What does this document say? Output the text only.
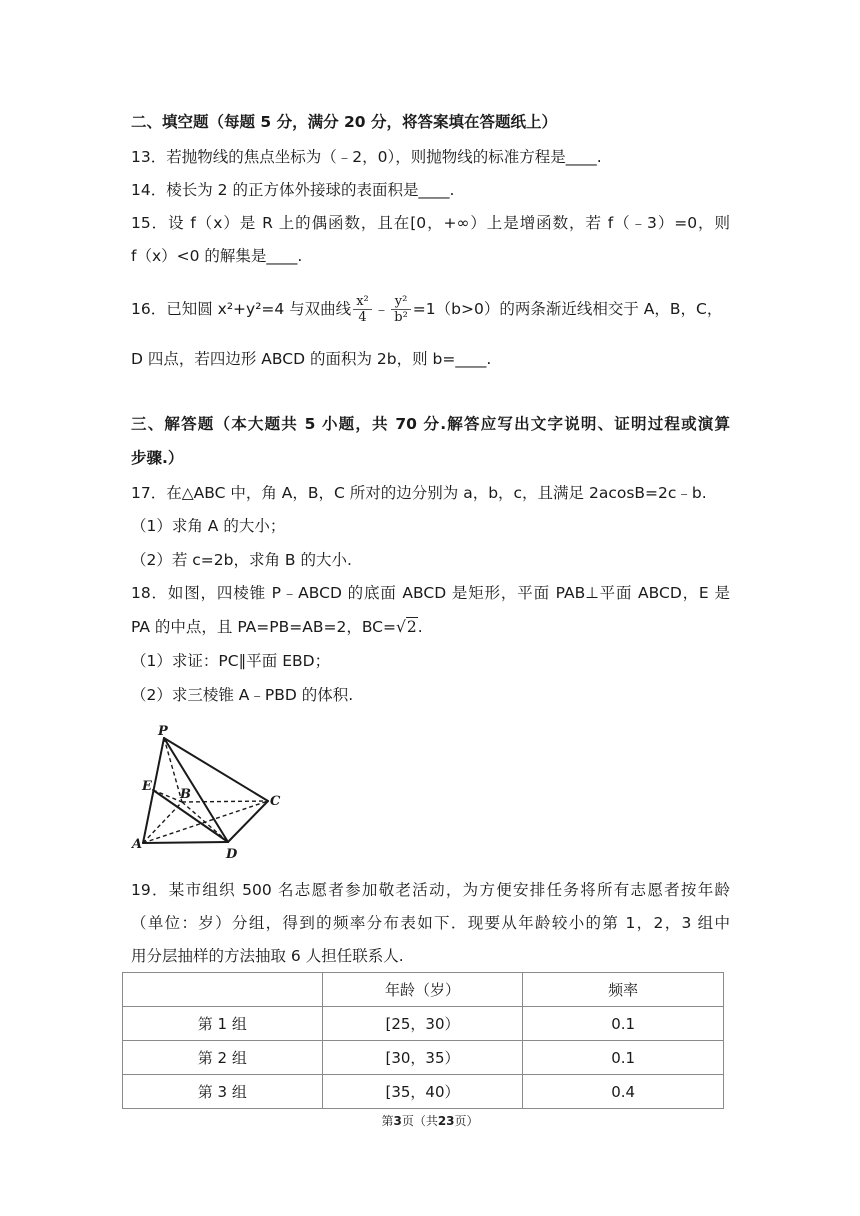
二、填空题（每题 5 分，满分 20 分，将答案填在答题纸上）
13．若抛物线的焦点坐标为（﹣2，0），则抛物线的标准方程是____.
14．棱长为 2 的正方体外接球的表面积是____.
15．设 f（x）是 R 上的偶函数，且在[0，+∞）上是增函数，若 f（﹣3）=0，则
f（x）<0 的解集是____.
16．已知圆 x²+y²=4 与双曲线 $\frac{\text{x²}}{4}$ ﹣ $\frac{\text{y²}}{\text{b²}} =1(b>0)$的两条渐近线相交于 A，B，C，
D 四点，若四边形 ABCD 的面积为 2b，则 b=____.
三、解答题（本大题共 5 小题，共 70 分.解答应写出文字说明、证明过程或演算
步骤.）
17．在△ABC 中，角 A，B，C 所对的边分别为 a，b，c，且满足 2acosB=2c﹣b.
（1）求角 A 的大小；
（2）若 c=2b，求角 B 的大小.
18．如图，四棱锥 P﹣ABCD 的底面 ABCD 是矩形，平面 PAB⊥平面 ABCD，E 是
PA 的中点，且 PA=PB=AB=2，BC=√2.
（1）求证：PC∥平面 EBD；
（2）求三棱锥 A﹣PBD 的体积.
P
E
B	C
A
D
19．某市组织 500 名志愿者参加敬老活动，为方便安排任务将所有志愿者按年龄
（单位：岁）分组，得到的频率分布表如下．现要从年龄较小的第 1，2，3 组中
用分层抽样的方法抽取 6 人担任联系人.
	年龄（岁）	频率
第 1 组	[25，30）	0.1
第 2 组	[30，35）	0.1
第 3 组	[35，40）	0.4
第3页（共23页）
